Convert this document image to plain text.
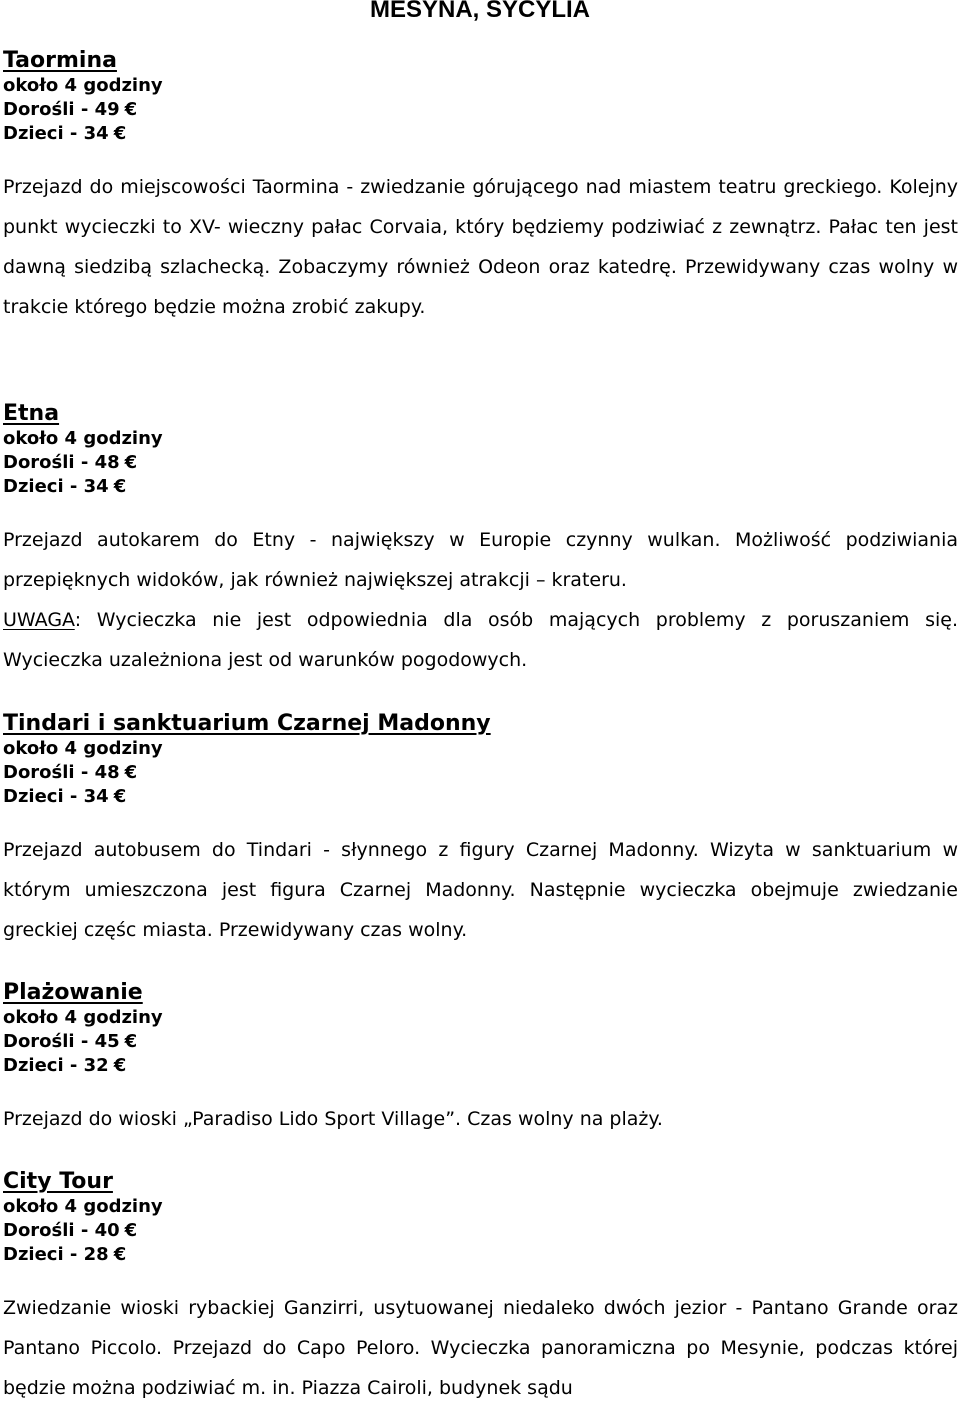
MESYNA, SYCYLIA
Taormina
około 4 godziny
Dorośli - 49 €
Dzieci - 34 €

Przejazd do miejscowości Taormina - zwiedzanie górującego nad miastem teatru greckiego. Kolejny punkt wycieczki to XV- wieczny pałac Corvaia, który będziemy podziwiać z zewnątrz. Pałac ten jest dawną siedzibą szlachecką. Zobaczymy również Odeon oraz katedrę. Przewidywany czas wolny w trakcie którego będzie można zrobić zakupy.

Etna
około 4 godziny
Dorośli - 48 €
Dzieci - 34 €

Przejazd autokarem do Etny - największy w Europie czynny wulkan. Możliwość podziwiania przepięknych widoków, jak również największej atrakcji – krateru.

UWAGA: Wycieczka nie jest odpowiednia dla osób mających problemy z poruszaniem się. Wycieczka uzależniona jest od warunków pogodowych.

Tindari i sanktuarium Czarnej Madonny
około 4 godziny
Dorośli - 48 €
Dzieci - 34 €

Przejazd autobusem do Tindari - słynnego z figury Czarnej Madonny. Wizyta w sanktuarium w którym umieszczona jest figura Czarnej Madonny. Następnie wycieczka obejmuje zwiedzanie greckiej częśc miasta. Przewidywany czas wolny.

Plażowanie
około 4 godziny
Dorośli - 45 €
Dzieci - 32 €

Przejazd do wioski „Paradiso Lido Sport Village”. Czas wolny na plaży.

City Tour
około 4 godziny
Dorośli - 40 €
Dzieci - 28 €

Zwiedzanie wioski rybackiej Ganzirri, usytuowanej niedaleko dwóch jezior - Pantano Grande oraz Pantano Piccolo. Przejazd do Capo Peloro. Wycieczka panoramiczna po Mesynie, podczas której będzie można podziwiać m. in. Piazza Cairoli, budynek sądu
